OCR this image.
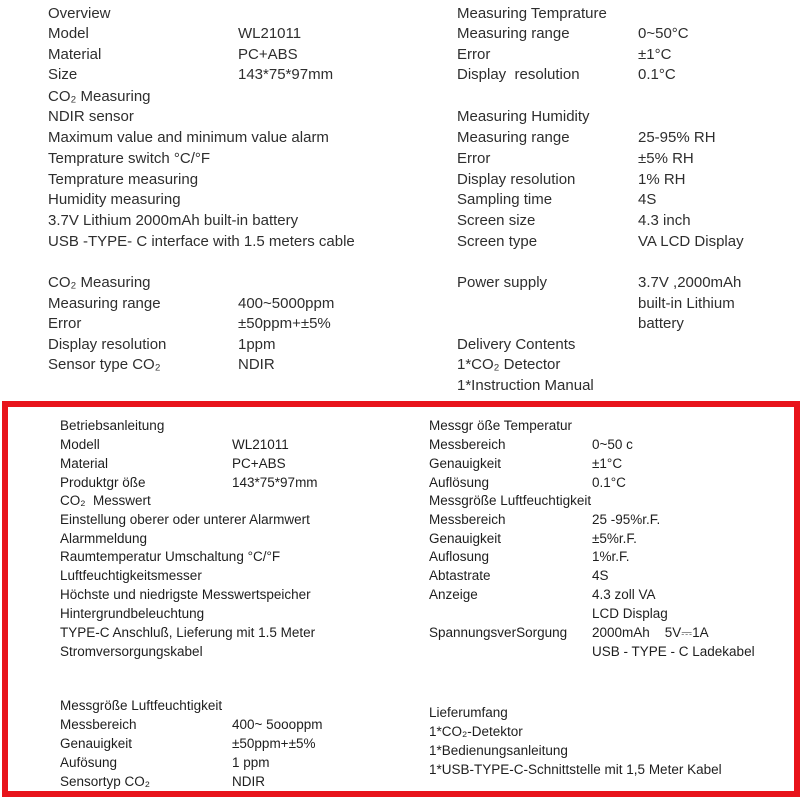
Overview
Model	WL21011
Material	PC+ABS
Size	143*75*97mm
CO₂ Measuring
NDIR sensor
Maximum value and minimum value alarm
Temprature switch °C/°F
Temprature measuring
Humidity measuring
3.7V Lithium 2000mAh built-in battery
USB -TYPE- C interface with 1.5 meters cable
CO₂ Measuring
Measuring range	400~5000ppm
Error	±50ppm+±5%
Display resolution	1ppm
Sensor type CO₂	NDIR
Measuring Temprature
Measuring range	0~50°C
Error	±1°C
Display  resolution	0.1°C
Measuring Humidity
Measuring range	25-95% RH
Error	±5% RH
Display resolution	1% RH
Sampling time	4S
Screen size	4.3 inch
Screen type	VA LCD Display
Power supply	3.7V ,2000mAh
built-in Lithium
battery
Delivery Contents
1*CO₂ Detector
1*Instruction Manual
Betriebsanleitung
Modell	WL21011
Material	PC+ABS
Produktgr öße	143*75*97mm
CO₂  Messwert
Einstellung oberer oder unterer Alarmwert
Alarmmeldung
Raumtemperatur Umschaltung °C/°F
Luftfeuchtigkeitsmesser
Höchste und niedrigste Messwertspeicher
Hintergrundbeleuchtung
TYPE-C Anschluß, Lieferung mit 1.5 Meter
Stromversorgungskabel
Messgröße Luftfeuchtigkeit
Messbereich	400~ 5oooppm
Genauigkeit	±50ppm+±5%
Aufösung	1 ppm
Sensortyp CO₂	NDIR
Messgr öße Temperatur
Messbereich	0~50 c
Genauigkeit	±1°C
Auflösung	0.1°C
Messgröße Luftfeuchtigkeit
Messbereich	25 -95%r.F.
Genauigkeit	±5%r.F.
Auflosung	1%r.F.
Abtastrate	4S
Anzeige	4.3 zoll VA
LCD Displag
SpannungsverSorgung 2000mAh    5V⎓1A
USB - TYPE - C Ladekabel
Lieferumfang
1*CO₂-Detektor
1*Bedienungsanleitung
1*USB-TYPE-C-Schnittstelle mit 1,5 Meter Kabel
